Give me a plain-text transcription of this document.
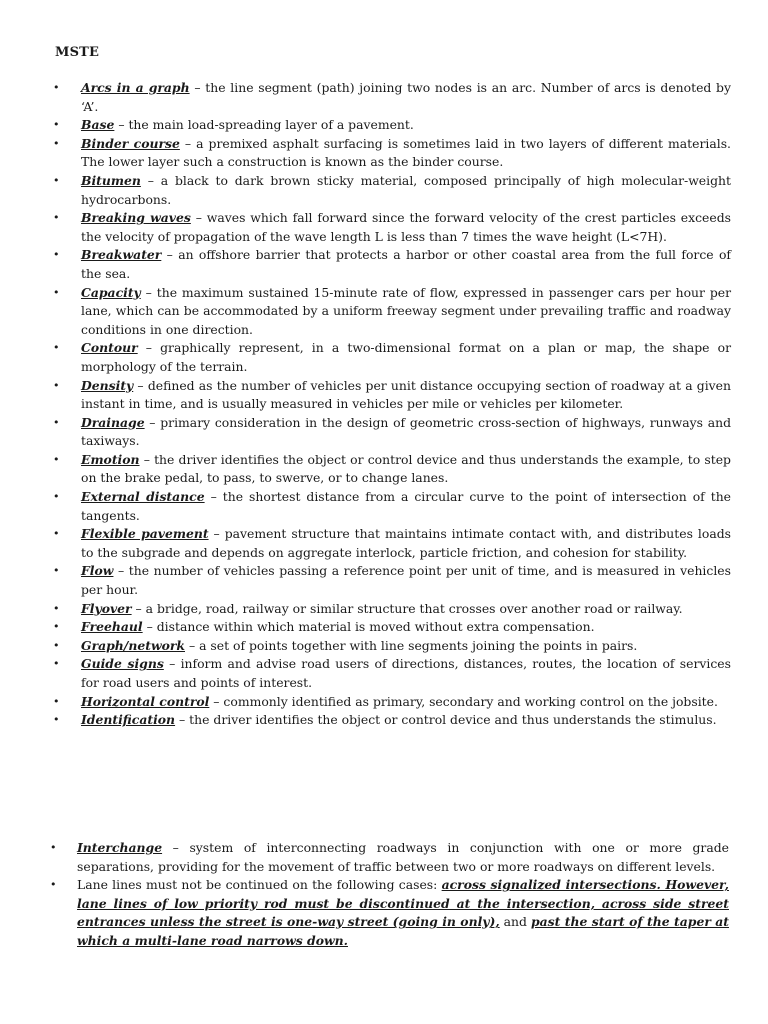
MSTE
• Arcs in a graph – the line segment (path) joining two nodes is an arc. Number of arcs is denoted by ‘A’.
• Base – the main load-spreading layer of a pavement.
• Binder course – a premixed asphalt surfacing is sometimes laid in two layers of different materials. The lower layer such a construction is known as the binder course.
• Bitumen – a black to dark brown sticky material, composed principally of high molecular-weight hydrocarbons.
• Breaking waves – waves which fall forward since the forward velocity of the crest particles exceeds the velocity of propagation of the wave length L is less than 7 times the wave height (L<7H).
• Breakwater – an offshore barrier that protects a harbor or other coastal area from the full force of the sea.
• Capacity – the maximum sustained 15-minute rate of flow, expressed in passenger cars per hour per lane, which can be accommodated by a uniform freeway segment under prevailing traffic and roadway conditions in one direction.
• Contour – graphically represent, in a two-dimensional format on a plan or map, the shape or morphology of the terrain.
• Density – defined as the number of vehicles per unit distance occupying section of roadway at a given instant in time, and is usually measured in vehicles per mile or vehicles per kilometer.
• Drainage – primary consideration in the design of geometric cross-section of highways, runways and taxiways.
• Emotion – the driver identifies the object or control device and thus understands the example, to step on the brake pedal, to pass, to swerve, or to change lanes.
• External distance – the shortest distance from a circular curve to the point of intersection of the tangents.
• Flexible pavement – pavement structure that maintains intimate contact with, and distributes loads to the subgrade and depends on aggregate interlock, particle friction, and cohesion for stability.
• Flow – the number of vehicles passing a reference point per unit of time, and is measured in vehicles per hour.
• Flyover – a bridge, road, railway or similar structure that crosses over another road or railway.
• Freehaul – distance within which material is moved without extra compensation.
• Graph/network – a set of points together with line segments joining the points in pairs.
• Guide signs – inform and advise road users of directions, distances, routes, the location of services for road users and points of interest.
• Horizontal control – commonly identified as primary, secondary and working control on the jobsite.
• Identification – the driver identifies the object or control device and thus understands the stimulus.
• Interchange – system of interconnecting roadways in conjunction with one or more grade separations, providing for the movement of traffic between two or more roadways on different levels.
• Lane lines must not be continued on the following cases: across signalized intersections. However, lane lines of low priority rod must be discontinued at the intersection, across side street entrances unless the street is one-way street (going in only), and past the start of the taper at which a multi-lane road narrows down.
